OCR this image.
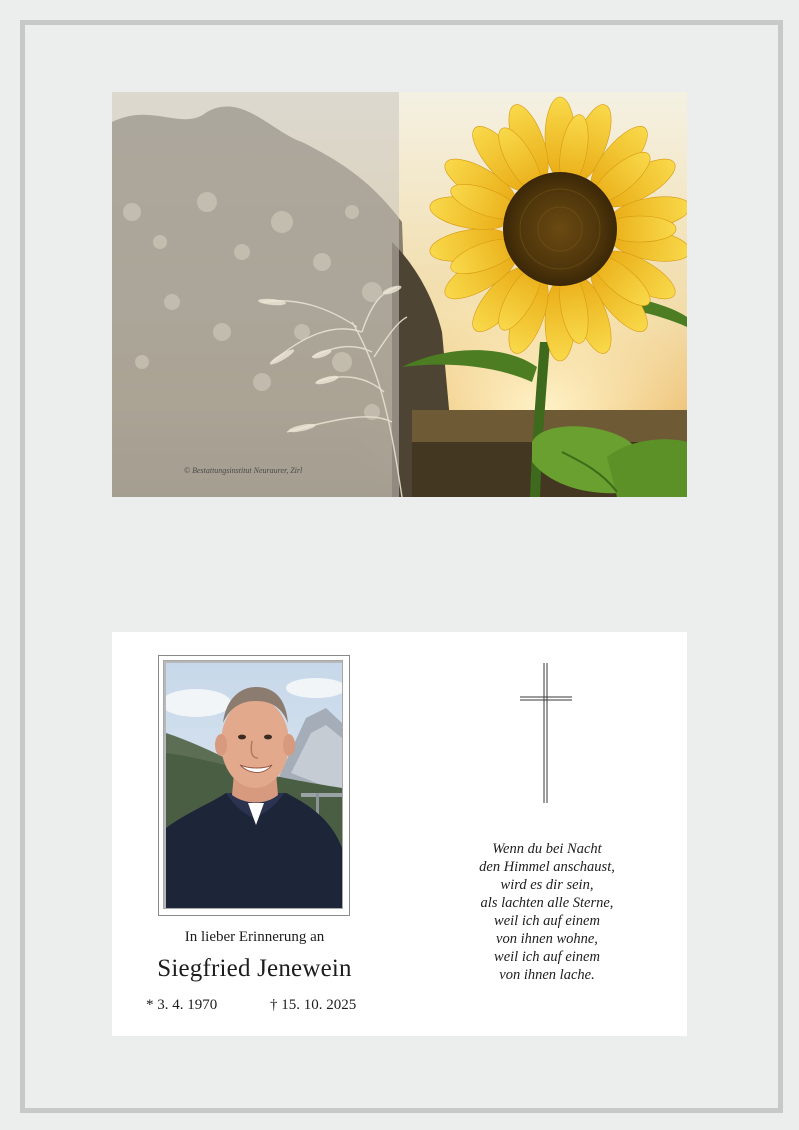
© Bestattungsinstitut Neuraurer, Zirl
In lieber Erinnerung an
Siegfried Jenewein
* 3. 4. 1970	† 15. 10. 2025
Wenn du bei Nacht
den Himmel anschaust,
wird es dir sein,
als lachten alle Sterne,
weil ich auf einem
von ihnen wohne,
weil ich auf einem
von ihnen lache.
